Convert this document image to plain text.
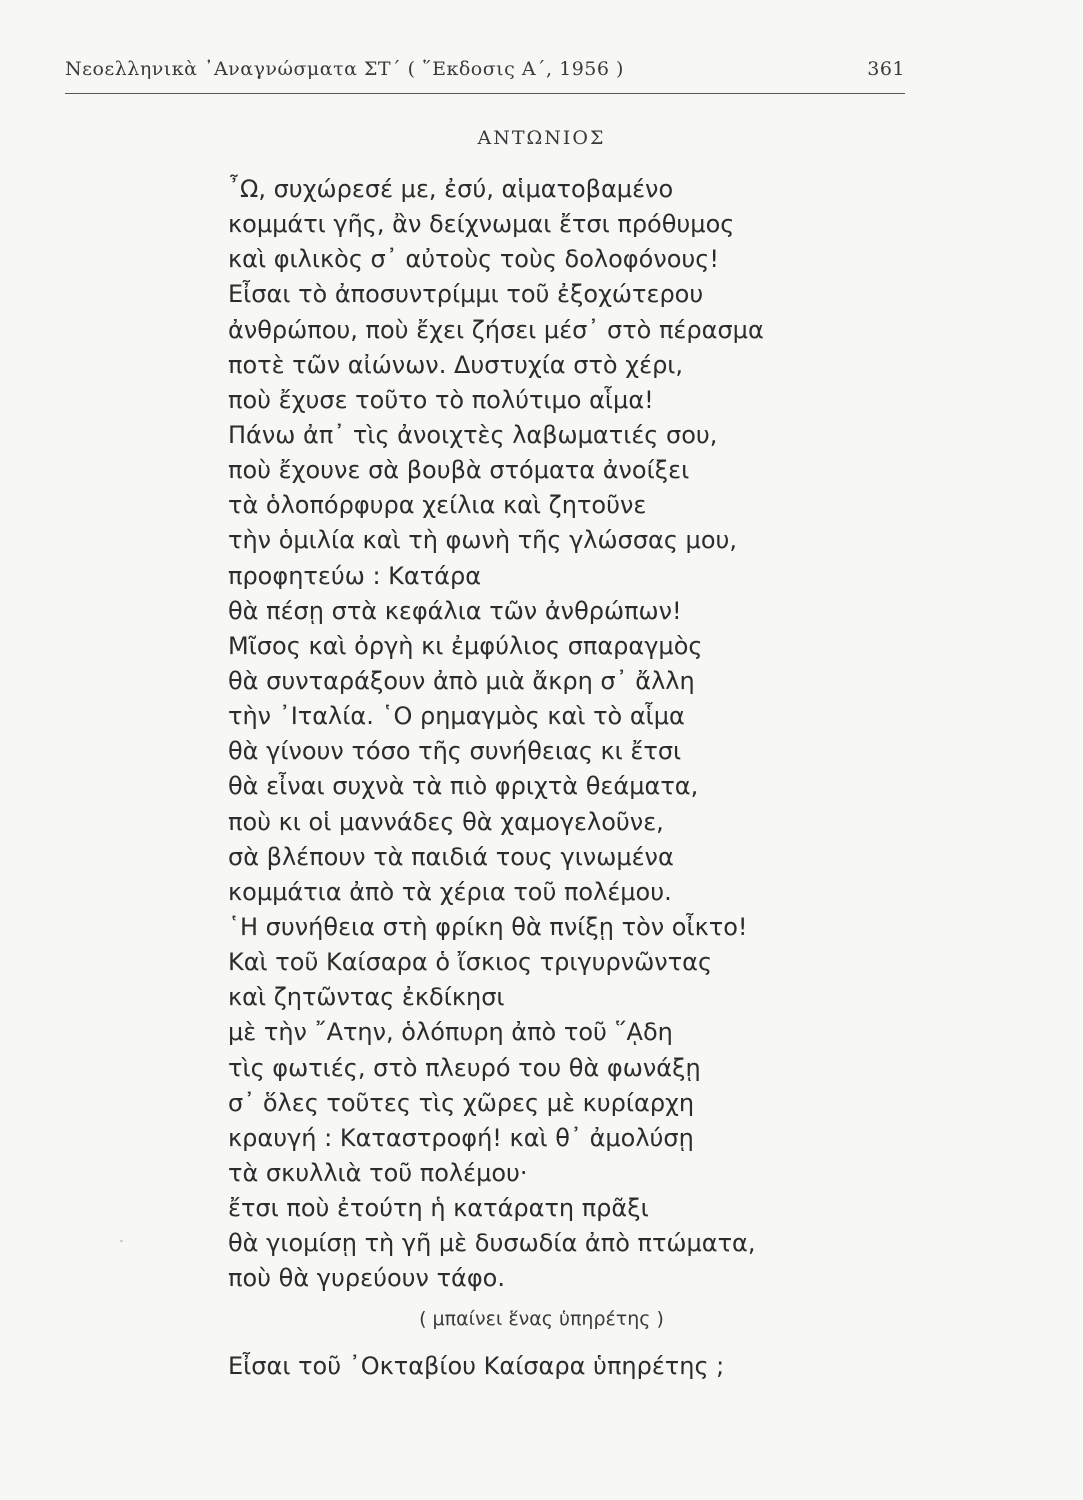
Νεοελληνικὰ ᾿Αναγνώσματα ΣΤ΄ ( ῞Εκδοσις Α΄, 1956 )	361
ΑΝΤΩΝΙΟΣ
῏Ω, συχώρεσέ με, ἐσύ, αἱματοβαμένο
κομμάτι γῆς, ἂν δείχνωμαι ἔτσι πρόθυμος
καὶ φιλικὸς σ᾿ αὐτοὺς τοὺς δολοφόνους!
Εἶσαι τὸ ἀποσυντρίμμι τοῦ ἐξοχώτερου
ἀνθρώπου, ποὺ ἔχει ζήσει μέσ᾿ στὸ πέρασμα
ποτὲ τῶν αἰώνων. Δυστυχία στὸ χέρι,
ποὺ ἔχυσε τοῦτο τὸ πολύτιμο αἷμα!
Πάνω ἀπ᾿ τὶς ἀνοιχτὲς λαβωματιές σου,
ποὺ ἔχουνε σὰ βουβὰ στόματα ἀνοίξει
τὰ ὁλοπόρφυρα χείλια καὶ ζητοῦνε
τὴν ὁμιλία καὶ τὴ φωνὴ τῆς γλώσσας μου,
προφητεύω : Κατάρα
θὰ πέσῃ στὰ κεφάλια τῶν ἀνθρώπων!
Μῖσος καὶ ὀργὴ κι ἐμφύλιος σπαραγμὸς
θὰ συνταράξουν ἀπὸ μιὰ ἄκρη σ᾿ ἄλλη
τὴν ᾿Ιταλία. ῾Ο ρημαγμὸς καὶ τὸ αἷμα
θὰ γίνουν τόσο τῆς συνήθειας κι ἔτσι
θὰ εἶναι συχνὰ τὰ πιὸ φριχτὰ θεάματα,
ποὺ κι οἱ μαννάδες θὰ χαμογελοῦνε,
σὰ βλέπουν τὰ παιδιά τους γινωμένα
κομμάτια ἀπὸ τὰ χέρια τοῦ πολέμου.
῾Η συνήθεια στὴ φρίκη θὰ πνίξῃ τὸν οἶκτο!
Καὶ τοῦ Καίσαρα ὁ ἴσκιος τριγυρνῶντας
καὶ ζητῶντας ἐκδίκησι
μὲ τὴν ῎Ατην, ὁλόπυρη ἀπὸ τοῦ ῞ᾼδη
τὶς φωτιές, στὸ πλευρό του θὰ φωνάξῃ
σ᾿ ὅλες τοῦτες τὶς χῶρες μὲ κυρίαρχη
κραυγή : Καταστροφή! καὶ θ᾿ ἀμολύσῃ
τὰ σκυλλιὰ τοῦ πολέμου·
ἔτσι ποὺ ἐτούτη ἡ κατάρατη πρᾶξι
θὰ γιομίσῃ τὴ γῆ μὲ δυσωδία ἀπὸ πτώματα,
ποὺ θὰ γυρεύουν τάφο.
( μπαίνει ἕνας ὑπηρέτης )
Εἶσαι τοῦ ᾿Οκταβίου Καίσαρα ὑπηρέτης ;
